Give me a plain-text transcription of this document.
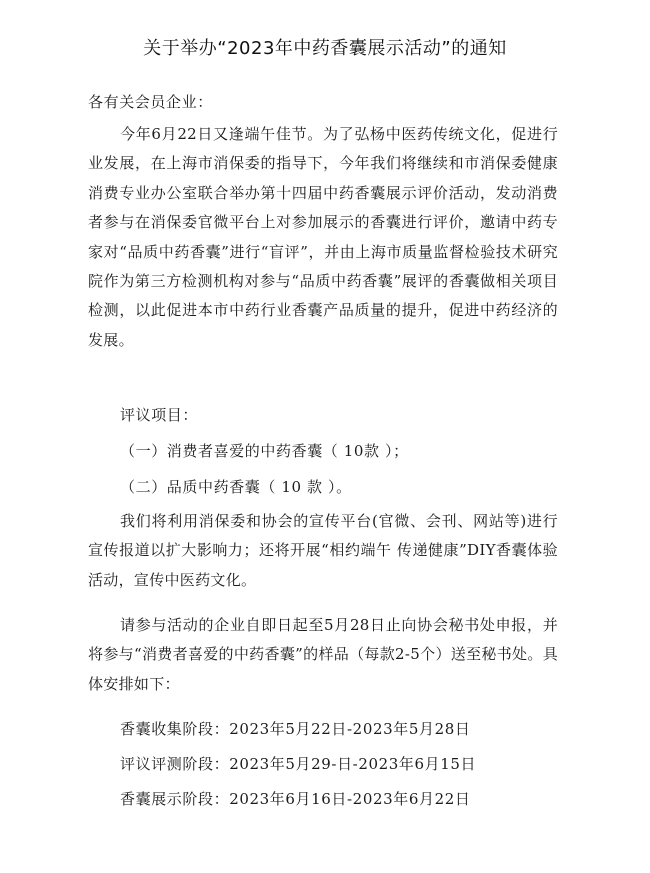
关于举办“2023年中药香囊展示活动”的通知
各有关会员企业：
今年6月22日又逢端午佳节。为了弘杨中医药传统文化，促进行业发展，在上海市消保委的指导下，今年我们将继续和市消保委健康消费专业办公室联合举办第十四届中药香囊展示评价活动，发动消费者参与在消保委官微平台上对参加展示的香囊进行评价，邀请中药专家对“品质中药香囊”进行“盲评”，并由上海市质量监督检验技术研究院作为第三方检测机构对参与“品质中药香囊”展评的香囊做相关项目检测，以此促进本市中药行业香囊产品质量的提升，促进中药经济的发展。
评议项目：
（一）消费者喜爱的中药香囊（ 10款 ）；
（二）品质中药香囊（ 10 款 ）。
我们将利用消保委和协会的宣传平台(官微、会刊、网站等)进行宣传报道以扩大影响力；还将开展“相约端午 传递健康”DIY香囊体验活动，宣传中医药文化。
请参与活动的企业自即日起至5月28日止向协会秘书处申报，并将参与“消费者喜爱的中药香囊”的样品（每款2-5个）送至秘书处。具体安排如下：
香囊收集阶段：2023年5月22日-2023年5月28日
评议评测阶段：2023年5月29-日-2023年6月15日
香囊展示阶段：2023年6月16日-2023年6月22日
